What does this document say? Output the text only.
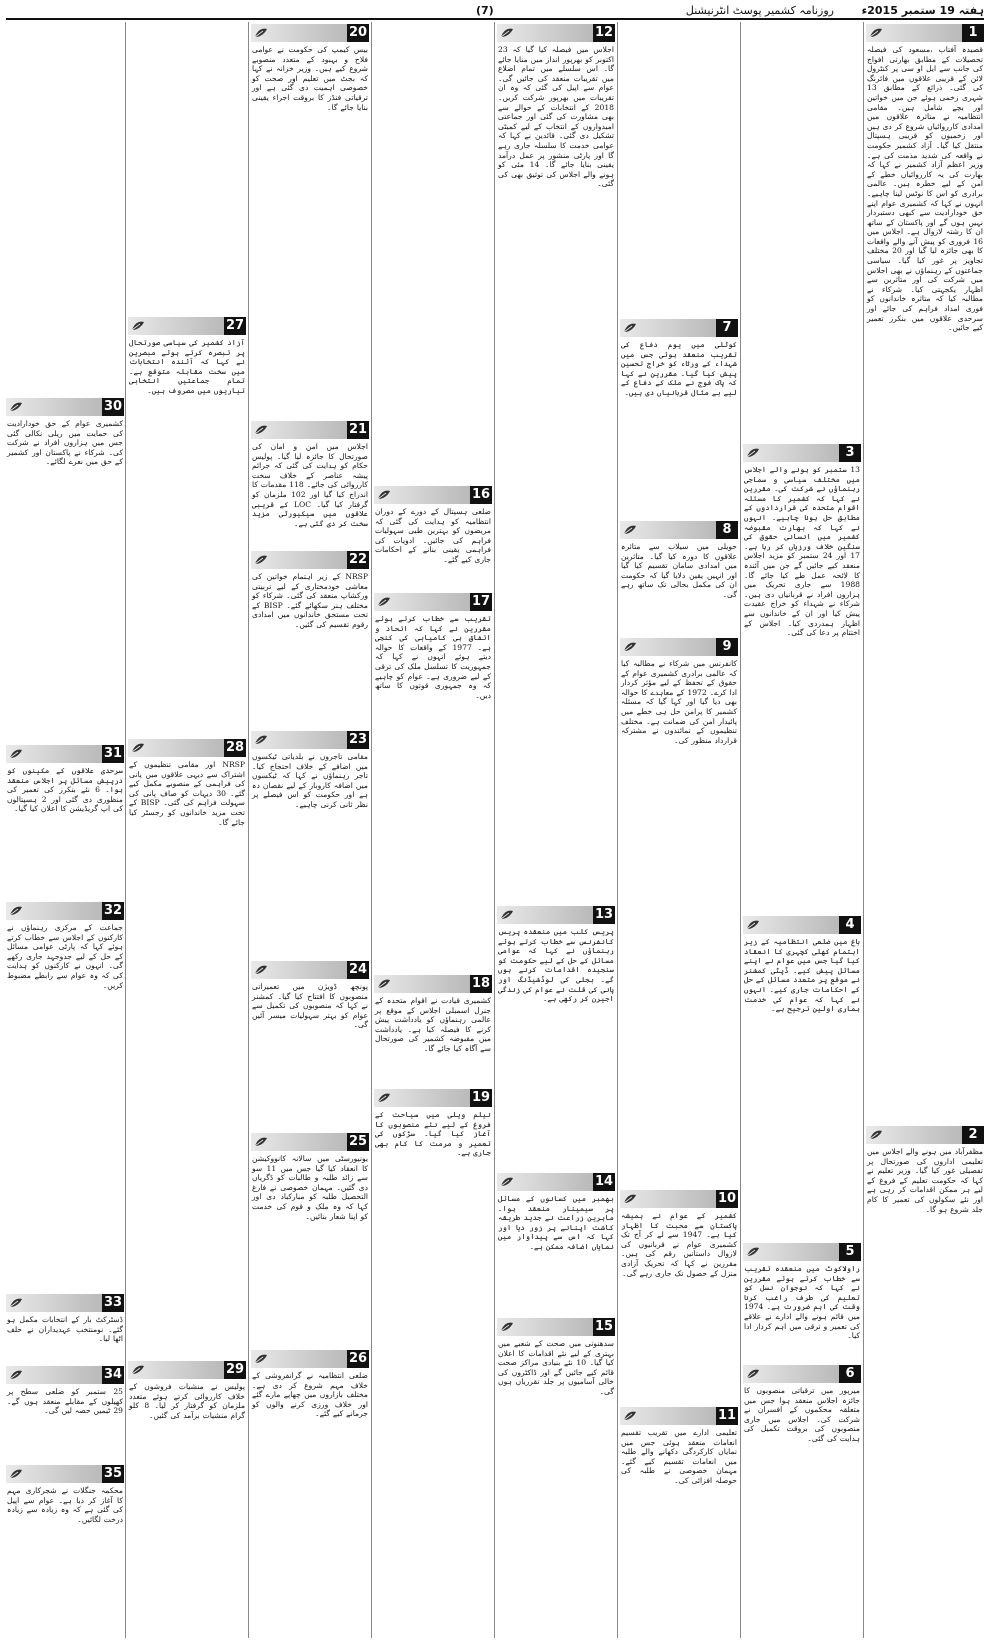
(7)	روزنامہ کشمیر پوسٹ انٹرنیشنل	ہفتہ 19 ستمبر 2015ء
1

قصیدہ آفتاب ،مسعود کی فیصلہ تحصیلات کے مطابق بھارتی افواج کی جانب سے ایل او سی پر کنٹرول لائن کے قریبی علاقوں میں فائرنگ کی گئی۔ ذرائع کے مطابق 13 شہری زخمی ہوئے جن میں خواتین اور بچے شامل ہیں۔ مقامی انتظامیہ نے متاثرہ علاقوں میں امدادی کارروائیاں شروع کر دی ہیں اور زخمیوں کو قریبی ہسپتال منتقل کیا گیا۔ آزاد کشمیر حکومت نے واقعہ کی شدید مذمت کی ہے۔ وزیر اعظم آزاد کشمیر نے کہا کہ بھارت کی یہ کارروائیاں خطے کے امن کے لیے خطرہ ہیں۔ عالمی برادری کو اس کا نوٹس لینا چاہیے۔ انہوں نے کہا کہ کشمیری عوام اپنے حق خودارادیت سے کبھی دستبردار نہیں ہوں گے اور پاکستان کے ساتھ ان کا رشتہ لازوال ہے۔ اجلاس میں 16 فروری کو پیش آنے والے واقعات کا بھی جائزہ لیا گیا اور 20 مختلف تجاویز پر غور کیا گیا۔ سیاسی جماعتوں کے رہنماؤں نے بھی اجلاس میں شرکت کی اور متاثرین سے اظہار یکجہتی کیا۔ شرکاء نے مطالبہ کیا کہ متاثرہ خاندانوں کو فوری امداد فراہم کی جائے اور سرحدی علاقوں میں بنکرز تعمیر کیے جائیں۔

2

مظفرآباد میں ہونے والے اجلاس میں تعلیمی اداروں کی صورتحال پر تفصیلی غور کیا گیا۔ وزیر تعلیم نے کہا کہ حکومت تعلیم کے فروغ کے لیے ہر ممکن اقدامات کر رہی ہے اور نئے سکولوں کی تعمیر کا کام جلد شروع ہو گا۔

3

13 ستمبر کو ہونے والے اجلاس میں مختلف سیاسی و سماجی رہنماؤں نے شرکت کی۔ مقررین نے کہا کہ کشمیر کا مسئلہ اقوام متحدہ کی قراردادوں کے مطابق حل ہونا چاہیے۔ انہوں نے کہا کہ بھارت مقبوضہ کشمیر میں انسانی حقوق کی سنگین خلاف ورزیاں کر رہا ہے۔ 17 اور 24 ستمبر کو مزید اجلاس منعقد کیے جائیں گے جن میں آئندہ کا لائحہ عمل طے کیا جائے گا۔ 1988 سے جاری تحریک میں ہزاروں افراد نے قربانیاں دی ہیں۔ شرکاء نے شہداء کو خراج عقیدت پیش کیا اور ان کے خاندانوں سے اظہار ہمدردی کیا۔ اجلاس کے اختتام پر دعا کی گئی۔

4

باغ میں ضلعی انتظامیہ کے زیر اہتمام کھلی کچہری کا انعقاد کیا گیا جس میں عوام نے اپنے مسائل پیش کیے۔ ڈپٹی کمشنر نے موقع پر متعدد مسائل کے حل کے احکامات جاری کیے۔ انہوں نے کہا کہ عوام کی خدمت ہماری اولین ترجیح ہے۔

5

راولاکوٹ میں منعقدہ تقریب سے خطاب کرتے ہوئے مقررین نے کہا کہ نوجوان نسل کو تعلیم کی طرف راغب کرنا وقت کی اہم ضرورت ہے۔ 1974 میں قائم ہونے والے ادارے نے علاقے کی تعمیر و ترقی میں اہم کردار ادا کیا۔

6

میرپور میں ترقیاتی منصوبوں کا جائزہ اجلاس منعقد ہوا جس میں متعلقہ محکموں کے افسران نے شرکت کی۔ اجلاس میں جاری منصوبوں کی بروقت تکمیل کی ہدایت کی گئی۔

7

کوٹلی میں یوم دفاع کی تقریب منعقد ہوئی جس میں شہداء کے ورثاء کو خراج تحسین پیش کیا گیا۔ مقررین نے کہا کہ پاک فوج نے ملک کے دفاع کے لیے بے مثال قربانیاں دی ہیں۔

8

حویلی میں سیلاب سے متاثرہ علاقوں کا دورہ کیا گیا۔ متاثرین میں امدادی سامان تقسیم کیا گیا اور انہیں یقین دلایا گیا کہ حکومت ان کی مکمل بحالی تک ساتھ رہے گی۔

9

کانفرنس میں شرکاء نے مطالبہ کیا کہ عالمی برادری کشمیری عوام کے حقوق کے تحفظ کے لیے مؤثر کردار ادا کرے۔ 1972 کے معاہدے کا حوالہ بھی دیا گیا اور کہا گیا کہ مسئلہ کشمیر کا پرامن حل ہی خطے میں پائیدار امن کی ضمانت ہے۔ مختلف تنظیموں کے نمائندوں نے مشترکہ قرارداد منظور کی۔

10

کشمیر کے عوام نے ہمیشہ پاکستان سے محبت کا اظہار کیا ہے۔ 1947 سے لے کر آج تک کشمیری عوام نے قربانیوں کی لازوال داستانیں رقم کی ہیں۔ مقررین نے کہا کہ تحریک آزادی منزل کے حصول تک جاری رہے گی۔

11

تعلیمی ادارے میں تقریب تقسیم انعامات منعقد ہوئی جس میں نمایاں کارکردگی دکھانے والے طلبہ میں انعامات تقسیم کیے گئے۔ مہمان خصوصی نے طلبہ کی حوصلہ افزائی کی۔

12

اجلاس میں فیصلہ کیا گیا کہ 23 اکتوبر کو بھرپور انداز میں منایا جائے گا۔ اس سلسلے میں تمام اضلاع میں تقریبات منعقد کی جائیں گی۔ عوام سے اپیل کی گئی کہ وہ ان تقریبات میں بھرپور شرکت کریں۔ 2018 کے انتخابات کے حوالے سے بھی مشاورت کی گئی اور جماعتی امیدواروں کے انتخاب کے لیے کمیٹی تشکیل دی گئی۔ قائدین نے کہا کہ عوامی خدمت کا سلسلہ جاری رہے گا اور پارٹی منشور پر عمل درآمد یقینی بنایا جائے گا۔ 14 مئی کو ہونے والے اجلاس کی توثیق بھی کی گئی۔

13

پریس کلب میں منعقدہ پریس کانفرنس سے خطاب کرتے ہوئے رہنماؤں نے کہا کہ عوامی مسائل کے حل کے لیے حکومت کو سنجیدہ اقدامات کرنے ہوں گے۔ بجلی کی لوڈشیڈنگ اور پانی کی قلت نے عوام کی زندگی اجیرن کر رکھی ہے۔

14

بھمبر میں کسانوں کے مسائل پر سیمینار منعقد ہوا۔ ماہرین زراعت نے جدید طریقہ کاشت اپنانے پر زور دیا اور کہا کہ اس سے پیداوار میں نمایاں اضافہ ممکن ہے۔

15

سدھنوتی میں صحت کے شعبے میں بہتری کے لیے نئے اقدامات کا اعلان کیا گیا۔ 10 نئے بنیادی مراکز صحت قائم کیے جائیں گے اور ڈاکٹروں کی خالی آسامیوں پر جلد تقرریاں ہوں گی۔

16

ضلعی ہسپتال کے دورے کے دوران انتظامیہ کو ہدایت کی گئی کہ مریضوں کو بہترین طبی سہولیات فراہم کی جائیں۔ ادویات کی فراہمی یقینی بنانے کے احکامات جاری کیے گئے۔

17

تقریب سے خطاب کرتے ہوئے مقررین نے کہا کہ اتحاد و اتفاق ہی کامیابی کی کنجی ہے۔ 1977 کے واقعات کا حوالہ دیتے ہوئے انہوں نے کہا کہ جمہوریت کا تسلسل ملک کی ترقی کے لیے ضروری ہے۔ عوام کو چاہیے کہ وہ جمہوری قوتوں کا ساتھ دیں۔

18

کشمیری قیادت نے اقوام متحدہ کے جنرل اسمبلی اجلاس کے موقع پر عالمی رہنماؤں کو یادداشت پیش کرنے کا فیصلہ کیا ہے۔ یادداشت میں مقبوضہ کشمیر کی صورتحال سے آگاہ کیا جائے گا۔

19

نیلم ویلی میں سیاحت کے فروغ کے لیے نئے منصوبوں کا آغاز کیا گیا۔ سڑکوں کی تعمیر و مرمت کا کام بھی جاری ہے۔

20

بیس کیمپ کی حکومت نے عوامی فلاح و بہبود کے متعدد منصوبے شروع کیے ہیں۔ وزیر خزانہ نے کہا کہ بجٹ میں تعلیم اور صحت کو خصوصی اہمیت دی گئی ہے اور ترقیاتی فنڈز کا بروقت اجراء یقینی بنایا جائے گا۔

21

اجلاس میں امن و امان کی صورتحال کا جائزہ لیا گیا۔ پولیس حکام کو ہدایت کی گئی کہ جرائم پیشہ عناصر کے خلاف سخت کارروائی کی جائے۔ 118 مقدمات کا اندراج کیا گیا اور 102 ملزمان کو گرفتار کیا گیا۔ LOC کے قریبی علاقوں میں سیکیورٹی مزید سخت کر دی گئی ہے۔

22

NRSP کے زیر اہتمام خواتین کی معاشی خودمختاری کے لیے تربیتی ورکشاپ منعقد کی گئی۔ شرکاء کو مختلف ہنر سکھائے گئے۔ BISP کے تحت مستحق خاندانوں میں امدادی رقوم تقسیم کی گئیں۔

23

مقامی تاجروں نے بلدیاتی ٹیکسوں میں اضافے کے خلاف احتجاج کیا۔ تاجر رہنماؤں نے کہا کہ ٹیکسوں میں اضافہ کاروبار کے لیے نقصان دہ ہے اور حکومت کو اس فیصلے پر نظر ثانی کرنی چاہیے۔

24

پونچھ ڈویژن میں تعمیراتی منصوبوں کا افتتاح کیا گیا۔ کمشنر نے کہا کہ منصوبوں کی تکمیل سے عوام کو بہتر سہولیات میسر آئیں گی۔

25

یونیورسٹی میں سالانہ کانووکیشن کا انعقاد کیا گیا جس میں 11 سو سے زائد طلبہ و طالبات کو ڈگریاں دی گئیں۔ مہمان خصوصی نے فارغ التحصیل طلبہ کو مبارکباد دی اور کہا کہ وہ ملک و قوم کی خدمت کو اپنا شعار بنائیں۔

26

ضلعی انتظامیہ نے گرانفروشی کے خلاف مہم شروع کر دی ہے۔ مختلف بازاروں میں چھاپے مارے گئے اور خلاف ورزی کرنے والوں کو جرمانے کیے گئے۔

27

آزاد کشمیر کی سیاسی صورتحال پر تبصرہ کرتے ہوئے مبصرین نے کہا کہ آئندہ انتخابات میں سخت مقابلہ متوقع ہے۔ تمام جماعتیں انتخابی تیاریوں میں مصروف ہیں۔

28

NRSP اور مقامی تنظیموں کے اشتراک سے دیہی علاقوں میں پانی کی فراہمی کے منصوبے مکمل کیے گئے۔ 30 دیہات کو صاف پانی کی سہولت فراہم کی گئی۔ BISP کے تحت مزید خاندانوں کو رجسٹر کیا جائے گا۔

29

پولیس نے منشیات فروشوں کے خلاف کارروائی کرتے ہوئے متعدد ملزمان کو گرفتار کر لیا۔ 8 کلو گرام منشیات برآمد کی گئیں۔

30

کشمیری عوام کے حق خودارادیت کی حمایت میں ریلی نکالی گئی جس میں ہزاروں افراد نے شرکت کی۔ شرکاء نے پاکستان اور کشمیر کے حق میں نعرے لگائے۔

31

سرحدی علاقوں کے مکینوں کو درپیش مسائل پر اجلاس منعقد ہوا۔ 6 نئے بنکرز کی تعمیر کی منظوری دی گئی اور 2 ہسپتالوں کی اپ گریڈیشن کا اعلان کیا گیا۔

32

جماعت کے مرکزی رہنماؤں نے کارکنوں کے اجلاس سے خطاب کرتے ہوئے کہا کہ پارٹی عوامی مسائل کے حل کے لیے جدوجہد جاری رکھے گی۔ انہوں نے کارکنوں کو ہدایت کی کہ وہ عوام سے رابطے مضبوط کریں۔

33

ڈسٹرکٹ بار کے انتخابات مکمل ہو گئے۔ نومنتخب عہدیداران نے حلف اٹھا لیا۔

34

25 ستمبر کو ضلعی سطح پر کھیلوں کے مقابلے منعقد ہوں گے۔ 29 ٹیمیں حصہ لیں گی۔

35

محکمہ جنگلات نے شجرکاری مہم کا آغاز کر دیا ہے۔ عوام سے اپیل کی گئی ہے کہ وہ زیادہ سے زیادہ درخت لگائیں۔
